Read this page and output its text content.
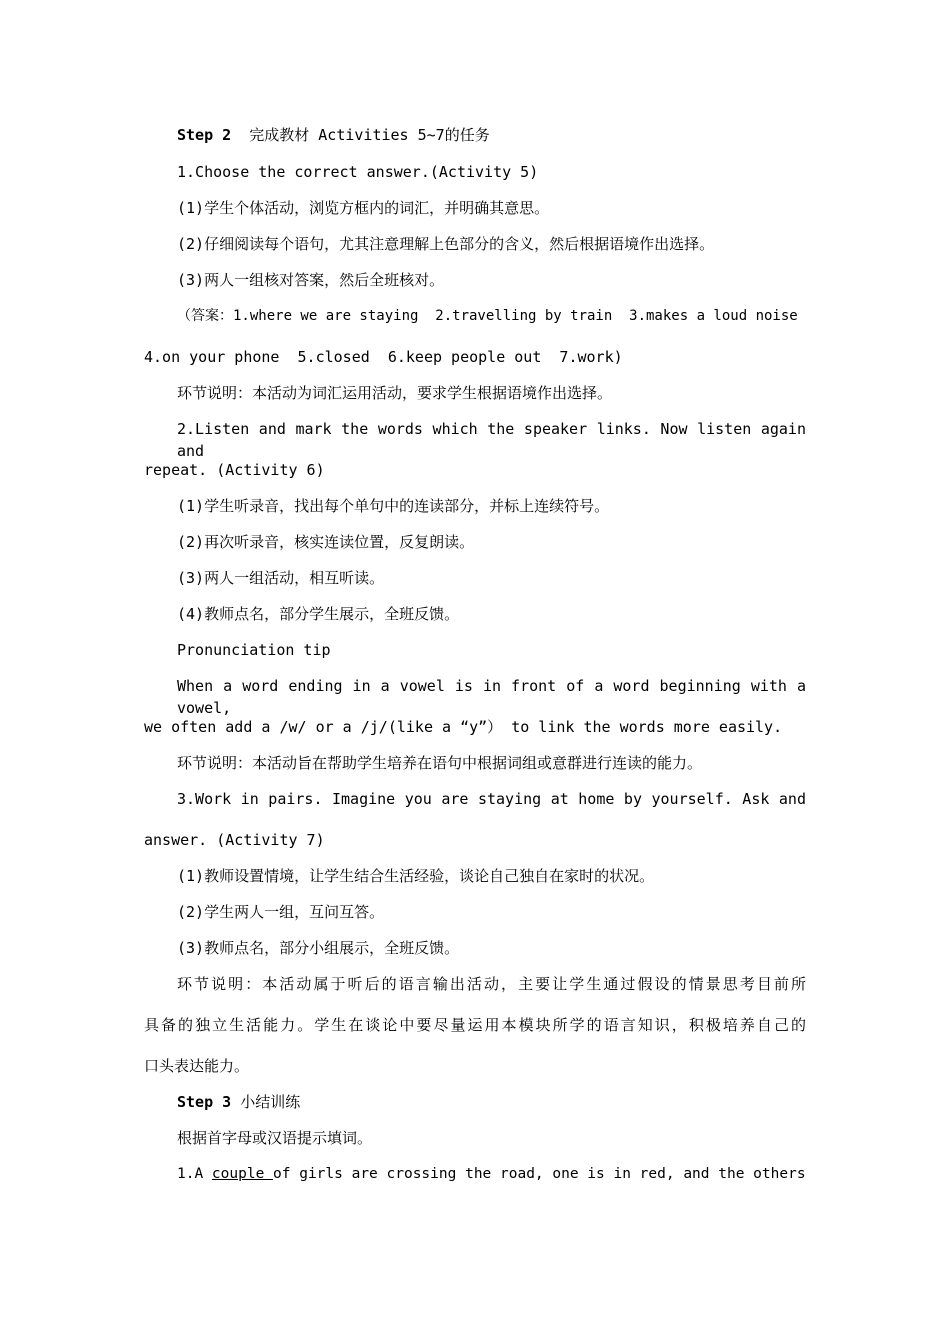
Step 2 完成教材 Activities 5~7的任务
1.Choose the correct answer.(Activity 5)
(1)学生个体活动，浏览方框内的词汇，并明确其意思。
(2)仔细阅读每个语句，尤其注意理解上色部分的含义，然后根据语境作出选择。
(3)两人一组核对答案，然后全班核对。
（答案：1.where we are staying  2.travelling by train  3.makes a loud noise
4.on your phone  5.closed  6.keep people out  7.work)
环节说明：本活动为词汇运用活动，要求学生根据语境作出选择。
2.Listen and mark the words which the speaker links. Now listen again and
repeat. (Activity 6)
(1)学生听录音，找出每个单句中的连读部分，并标上连续符号。
(2)再次听录音，核实连读位置，反复朗读。
(3)两人一组活动，相互听读。
(4)教师点名，部分学生展示，全班反馈。
Pronunciation tip
When a word ending in a vowel is in front of a word beginning with a vowel,
we often add a /w/ or a /j/(like a “y”） to link the words more easily.
环节说明：本活动旨在帮助学生培养在语句中根据词组或意群进行连读的能力。
3.Work in pairs. Imagine you are staying at home by yourself. Ask and
answer. (Activity 7)
(1)教师设置情境，让学生结合生活经验，谈论自己独自在家时的状况。
(2)学生两人一组，互问互答。
(3)教师点名，部分小组展示，全班反馈。
环节说明：本活动属于听后的语言输出活动，主要让学生通过假设的情景思考目前所
具备的独立生活能力。学生在谈论中要尽量运用本模块所学的语言知识，积极培养自己的
口头表达能力。
Step 3 小结训练
根据首字母或汉语提示填词。
1.A couple of girls are crossing the road, one is in red, and the others
